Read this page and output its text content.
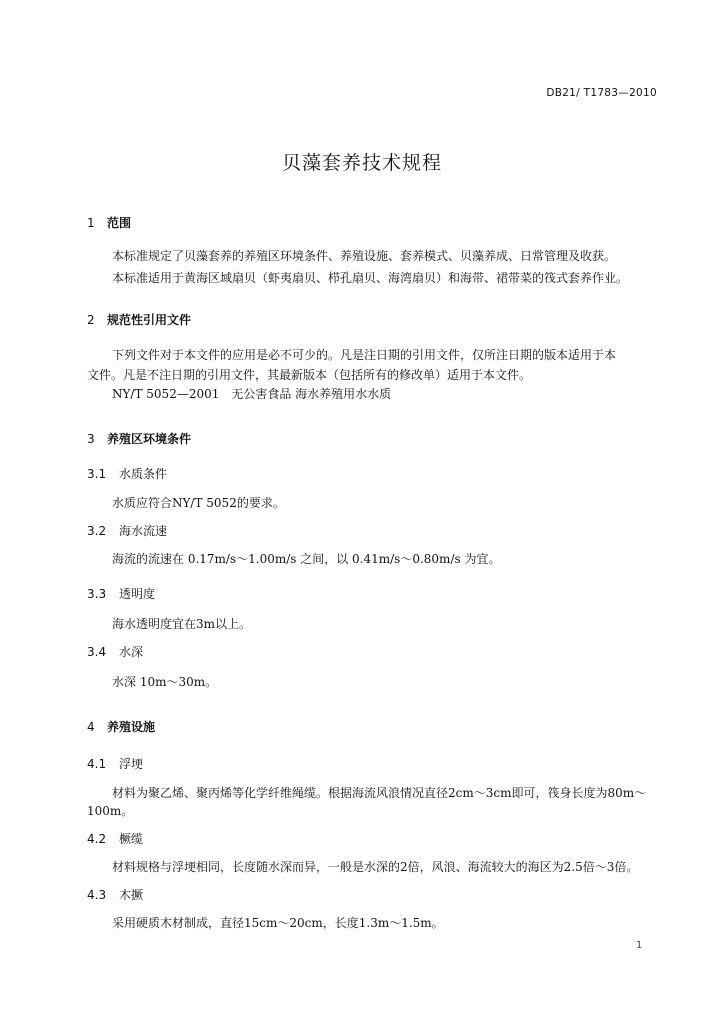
DB21/ T1783—2010
贝藻套养技术规程
1 范围
本标准规定了贝藻套养的养殖区环境条件、养殖设施、套养模式、贝藻养成、日常管理及收获。
本标准适用于黄海区域扇贝（虾夷扇贝、栉孔扇贝、海湾扇贝）和海带、裙带菜的筏式套养作业。
2 规范性引用文件
下列文件对于本文件的应用是必不可少的。凡是注日期的引用文件，仅所注日期的版本适用于本
文件。凡是不注日期的引用文件，其最新版本（包括所有的修改单）适用于本文件。
NY/T 5052—2001　无公害食品 海水养殖用水水质
3 养殖区环境条件
3.1 水质条件
水质应符合NY/T 5052的要求。
3.2 海水流速
海流的流速在 0.17m/s～1.00m/s 之间，以 0.41m/s～0.80m/s 为宜。
3.3 透明度
海水透明度宜在3m以上。
3.4 水深
水深 10m～30m。
4 养殖设施
4.1 浮埂
材料为聚乙烯、聚丙烯等化学纤维绳缆。根据海流风浪情况直径2cm～3cm即可，筏身长度为80m～
100m。
4.2 橛缆
材料规格与浮埂相同，长度随水深而异，一般是水深的2倍，风浪、海流较大的海区为2.5倍～3倍。
4.3 木撅
采用硬质木材制成，直径15cm～20cm，长度1.3m～1.5m。
1
